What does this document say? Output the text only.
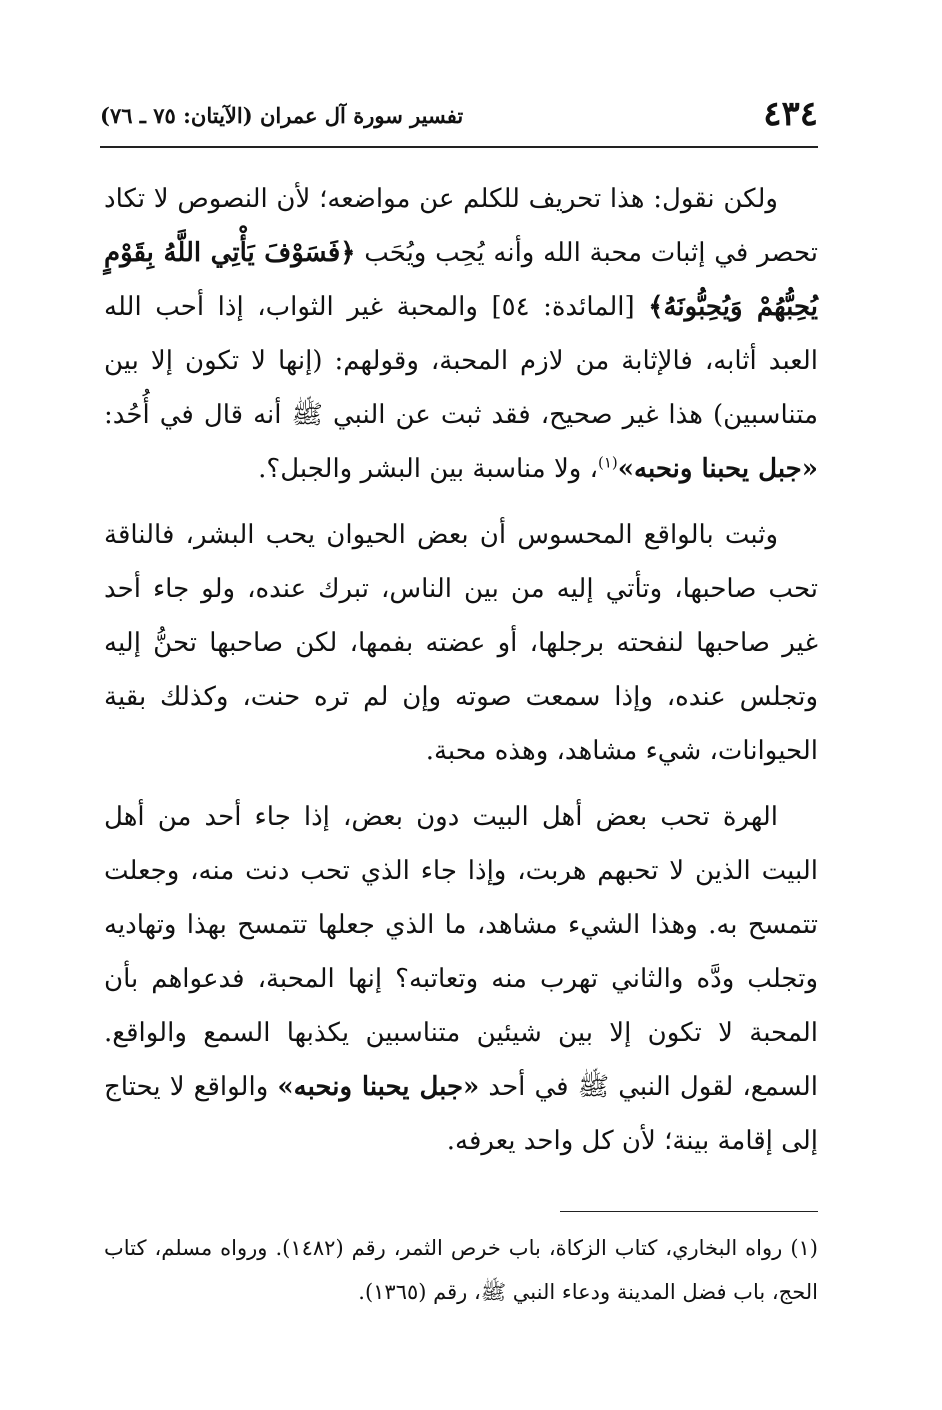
٤٣٤
تفسير سورة آل عمران (الآيتان: ٧٥ ـ ٧٦)

ولكن نقول: هذا تحريف للكلم عن مواضعه؛ لأن النصوص لا تكاد تحصر في إثبات محبة الله وأنه يُحِب ويُحَب ﴿فَسَوْفَ يَأْتِي اللَّهُ بِقَوْمٍ يُحِبُّهُمْ وَيُحِبُّونَهُ﴾ [المائدة: ٥٤] والمحبة غير الثواب، إذا أحب الله العبد أثابه، فالإثابة من لازم المحبة، وقولهم: (إنها لا تكون إلا بين متناسبين) هذا غير صحيح، فقد ثبت عن النبي ﷺ أنه قال في أُحُد: «جبل يحبنا ونحبه»$^{(١)}$، ولا مناسبة بين البشر والجبل؟.

وثبت بالواقع المحسوس أن بعض الحيوان يحب البشر، فالناقة تحب صاحبها، وتأتي إليه من بين الناس، تبرك عنده، ولو جاء أحد غير صاحبها لنفحته برجلها، أو عضته بفمها، لكن صاحبها تحنُّ إليه وتجلس عنده، وإذا سمعت صوته وإن لم تره حنت، وكذلك بقية الحيوانات، شيء مشاهد، وهذه محبة.

الهرة تحب بعض أهل البيت دون بعض، إذا جاء أحد من أهل البيت الذين لا تحبهم هربت، وإذا جاء الذي تحب دنت منه، وجعلت تتمسح به. وهذا الشيء مشاهد، ما الذي جعلها تتمسح بهذا وتهاديه وتجلب ودَّه والثاني تهرب منه وتعاتبه؟ إنها المحبة، فدعواهم بأن المحبة لا تكون إلا بين شيئين متناسبين يكذبها السمع والواقع. السمع، لقول النبي ﷺ في أحد «جبل يحبنا ونحبه» والواقع لا يحتاج إلى إقامة بينة؛ لأن كل واحد يعرفه.

(١) رواه البخاري، كتاب الزكاة، باب خرص الثمر، رقم (١٤٨٢). ورواه مسلم، كتاب الحج، باب فضل المدينة ودعاء النبي ﷺ، رقم (١٣٦٥).
